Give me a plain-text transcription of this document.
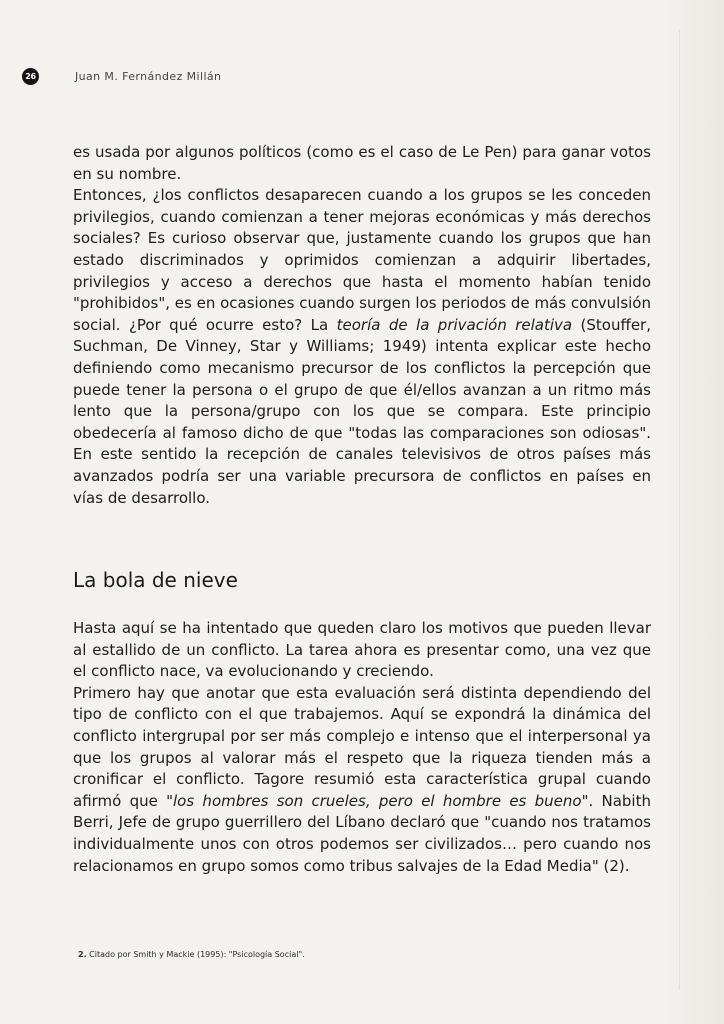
26	Juan M. Fernández Millán

es usada por algunos políticos (como es el caso de Le Pen) para ganar votos en su nombre.

Entonces, ¿los conflictos desaparecen cuando a los grupos se les conceden privilegios, cuando comienzan a tener mejoras económicas y más derechos sociales? Es curioso observar que, justamente cuando los grupos que han estado discriminados y oprimidos comienzan a adquirir libertades, privilegios y acceso a derechos que hasta el momento habían tenido "prohibidos", es en ocasiones cuando surgen los periodos de más convulsión social. ¿Por qué ocurre esto? La teoría de la privación relativa (Stouffer, Suchman, De Vinney, Star y Williams; 1949) intenta explicar este hecho definiendo como mecanismo precursor de los conflictos la percepción que puede tener la persona o el grupo de que él/ellos avanzan a un ritmo más lento que la persona/grupo con los que se compara. Este principio obedecería al famoso dicho de que "todas las comparaciones son odiosas". En este sentido la recepción de canales televisivos de otros países más avanzados podría ser una variable precursora de conflictos en países en vías de desarrollo.

La bola de nieve

Hasta aquí se ha intentado que queden claro los motivos que pueden llevar al estallido de un conflicto. La tarea ahora es presentar como, una vez que el conflicto nace, va evolucionando y creciendo.

Primero hay que anotar que esta evaluación será distinta dependiendo del tipo de conflicto con el que trabajemos. Aquí se expondrá la dinámica del conflicto intergrupal por ser más complejo e intenso que el interpersonal ya que los grupos al valorar más el respeto que la riqueza tienden más a cronificar el conflicto. Tagore resumió esta característica grupal cuando afirmó que "los hombres son crueles, pero el hombre es bueno". Nabith Berri, Jefe de grupo guerrillero del Líbano declaró que "cuando nos tratamos individualmente unos con otros podemos ser civilizados… pero cuando nos relacionamos en grupo somos como tribus salvajes de la Edad Media" (2).

2. Citado por Smith y Mackie (1995): "Psicología Social".
